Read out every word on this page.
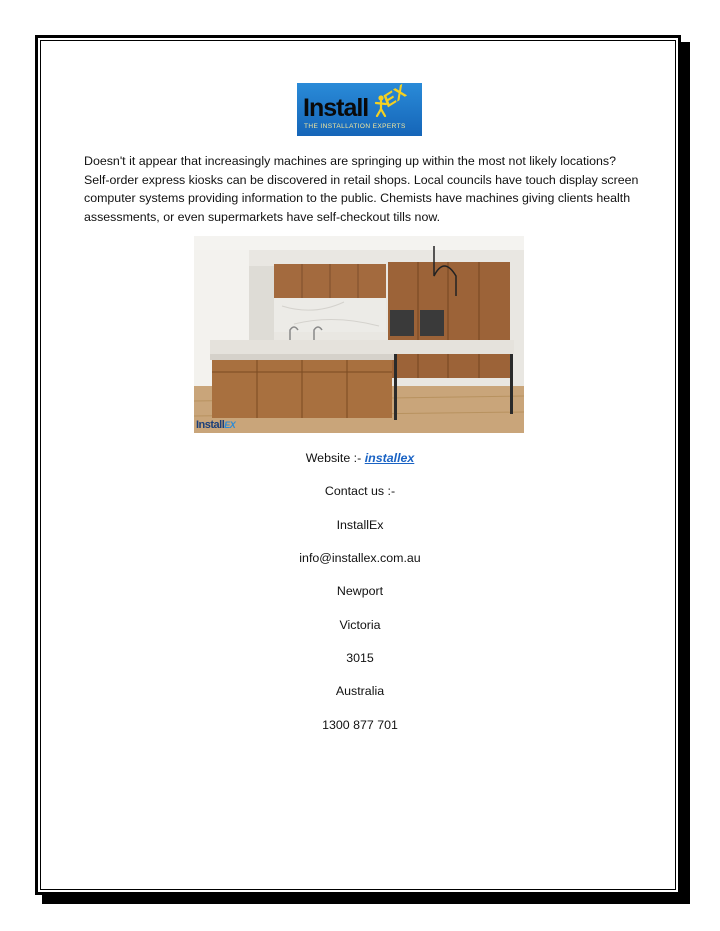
Install EX
THE INSTALLATION EXPERTS
Doesn't it appear that increasingly machines are springing up within the most not likely locations? Self-order express kiosks can be discovered in retail shops. Local councils have touch display screen computer systems providing information to the public. Chemists have machines giving clients health assessments, or even supermarkets have self-checkout tills now.
InstallEX
Website :- installex
Contact us :-
InstallEx
info@installex.com.au
Newport
Victoria
3015
Australia
1300 877 701
